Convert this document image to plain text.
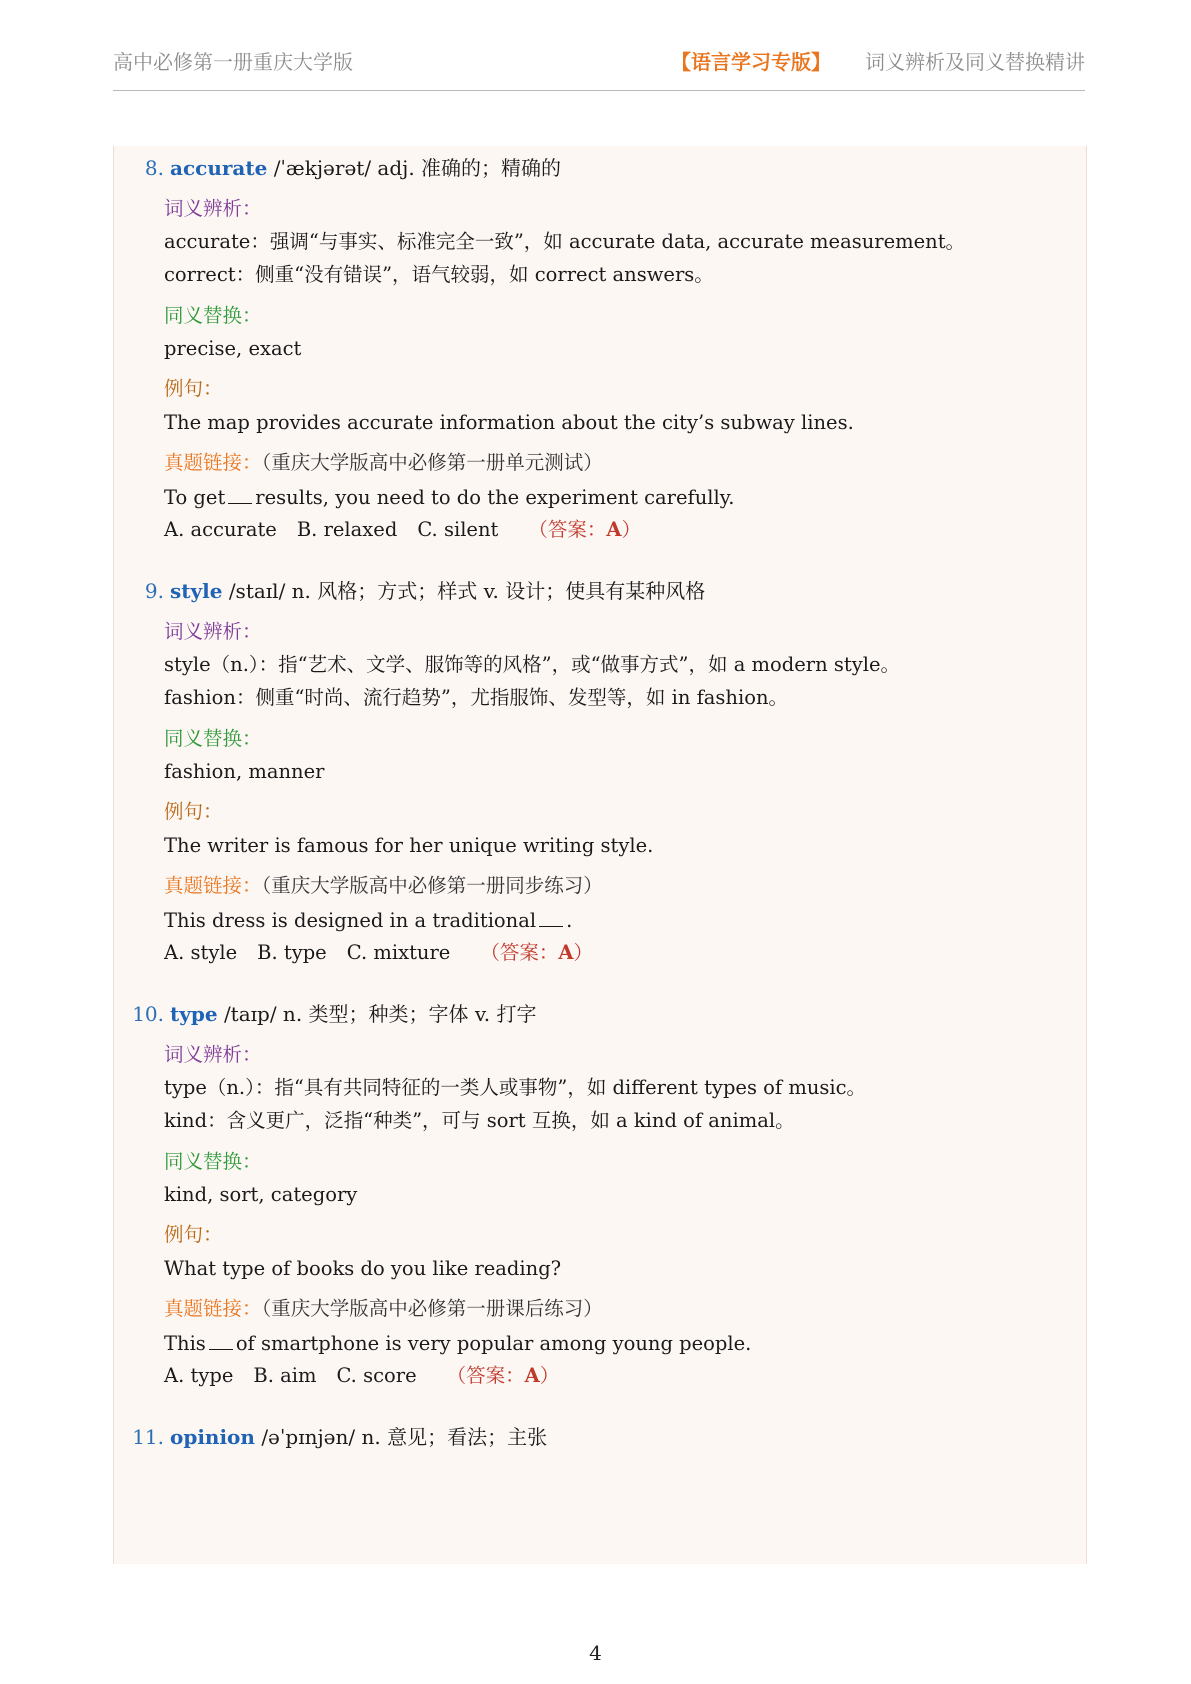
高中必修第一册重庆大学版	【语言学习专版】 词义辨析及同义替换精讲
8. accurate /ˈækjərət/ adj. 准确的；精确的
词义辨析：
accurate：强调“与事实、标准完全一致”，如 accurate data, accurate measurement。
correct：侧重“没有错误”，语气较弱，如 correct answers。
同义替换：
precise, exact
例句：
The map provides accurate information about the city’s subway lines.
真题链接：（重庆大学版高中必修第一册单元测试）
To get results, you need to do the experiment carefully.
A. accurate B. relaxed C. silent （答案：A）
9. style /staɪl/ n. 风格；方式；样式 v. 设计；使具有某种风格
词义辨析：
style（n.）：指“艺术、文学、服饰等的风格”，或“做事方式”，如 a modern style。
fashion：侧重“时尚、流行趋势”，尤指服饰、发型等，如 in fashion。
同义替换：
fashion, manner
例句：
The writer is famous for her unique writing style.
真题链接：（重庆大学版高中必修第一册同步练习）
This dress is designed in a traditional .
A. style B. type C. mixture （答案：A）
10. type /taɪp/ n. 类型；种类；字体 v. 打字
词义辨析：
type（n.）：指“具有共同特征的一类人或事物”，如 different types of music。
kind：含义更广，泛指“种类”，可与 sort 互换，如 a kind of animal。
同义替换：
kind, sort, category
例句：
What type of books do you like reading?
真题链接：（重庆大学版高中必修第一册课后练习）
This of smartphone is very popular among young people.
A. type B. aim C. score （答案：A）
11. opinion /əˈpɪnjən/ n. 意见；看法；主张
4
